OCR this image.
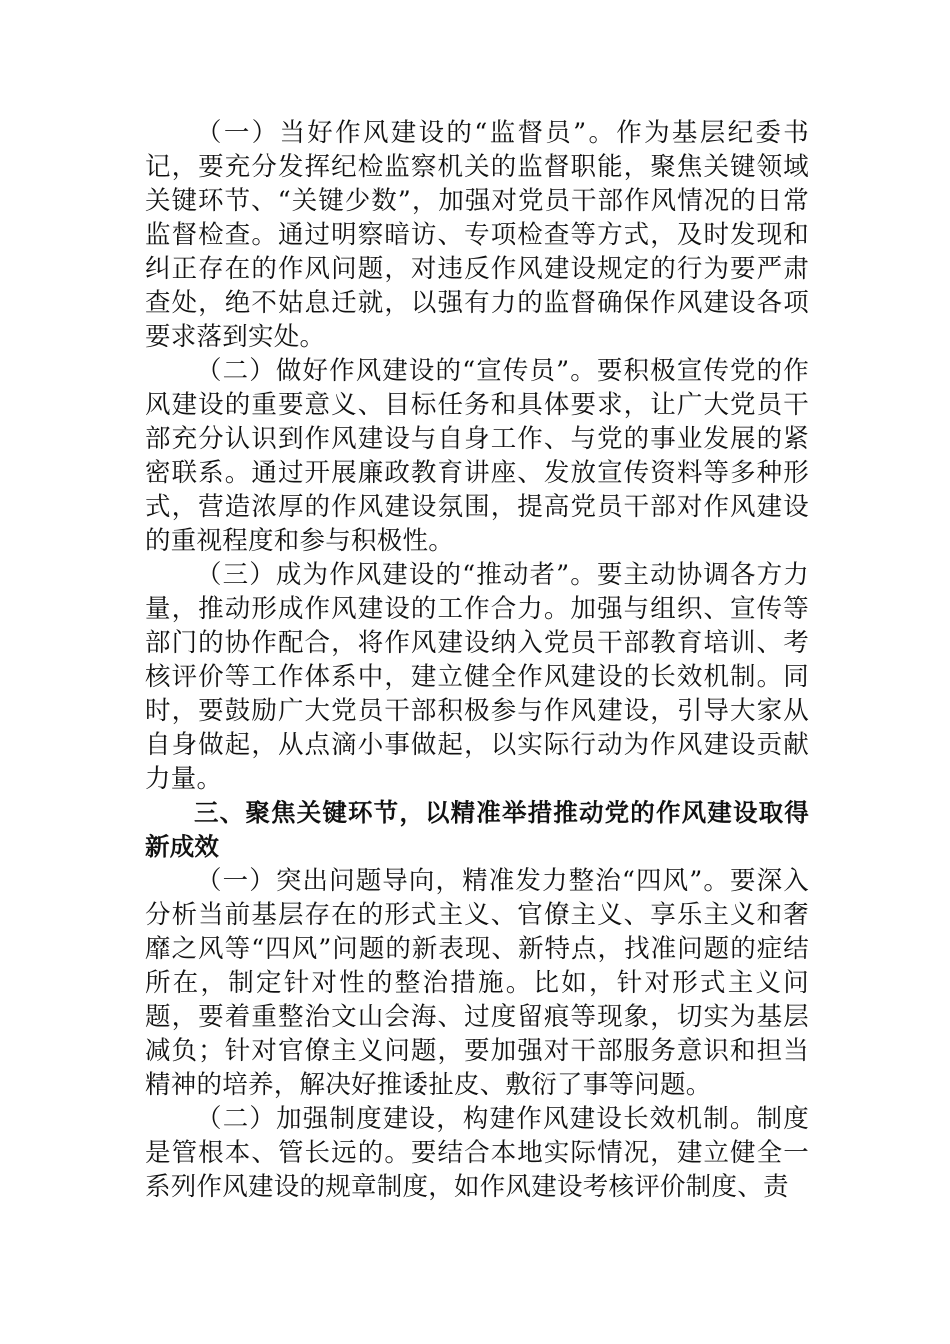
（一）当好作风建设的“监督员”。作为基层纪委书记，要充分发挥纪检监察机关的监督职能，聚焦关键领域关键环节、“关键少数”，加强对党员干部作风情况的日常监督检查。通过明察暗访、专项检查等方式，及时发现和纠正存在的作风问题，对违反作风建设规定的行为要严肃查处，绝不姑息迁就，以强有力的监督确保作风建设各项要求落到实处。

（二）做好作风建设的“宣传员”。要积极宣传党的作风建设的重要意义、目标任务和具体要求，让广大党员干部充分认识到作风建设与自身工作、与党的事业发展的紧密联系。通过开展廉政教育讲座、发放宣传资料等多种形式，营造浓厚的作风建设氛围，提高党员干部对作风建设的重视程度和参与积极性。

（三）成为作风建设的“推动者”。要主动协调各方力量，推动形成作风建设的工作合力。加强与组织、宣传等部门的协作配合，将作风建设纳入党员干部教育培训、考核评价等工作体系中，建立健全作风建设的长效机制。同时，要鼓励广大党员干部积极参与作风建设，引导大家从自身做起，从点滴小事做起，以实际行动为作风建设贡献力量。

三、聚焦关键环节，以精准举措推动党的作风建设取得新成效

（一）突出问题导向，精准发力整治“四风”。要深入分析当前基层存在的形式主义、官僚主义、享乐主义和奢靡之风等“四风”问题的新表现、新特点，找准问题的症结所在，制定针对性的整治措施。比如，针对形式主义问题，要着重整治文山会海、过度留痕等现象，切实为基层减负；针对官僚主义问题，要加强对干部服务意识和担当精神的培养，解决好推诿扯皮、敷衍了事等问题。

（二）加强制度建设，构建作风建设长效机制。制度是管根本、管长远的。要结合本地实际情况，建立健全一系列作风建设的规章制度，如作风建设考核评价制度、责
